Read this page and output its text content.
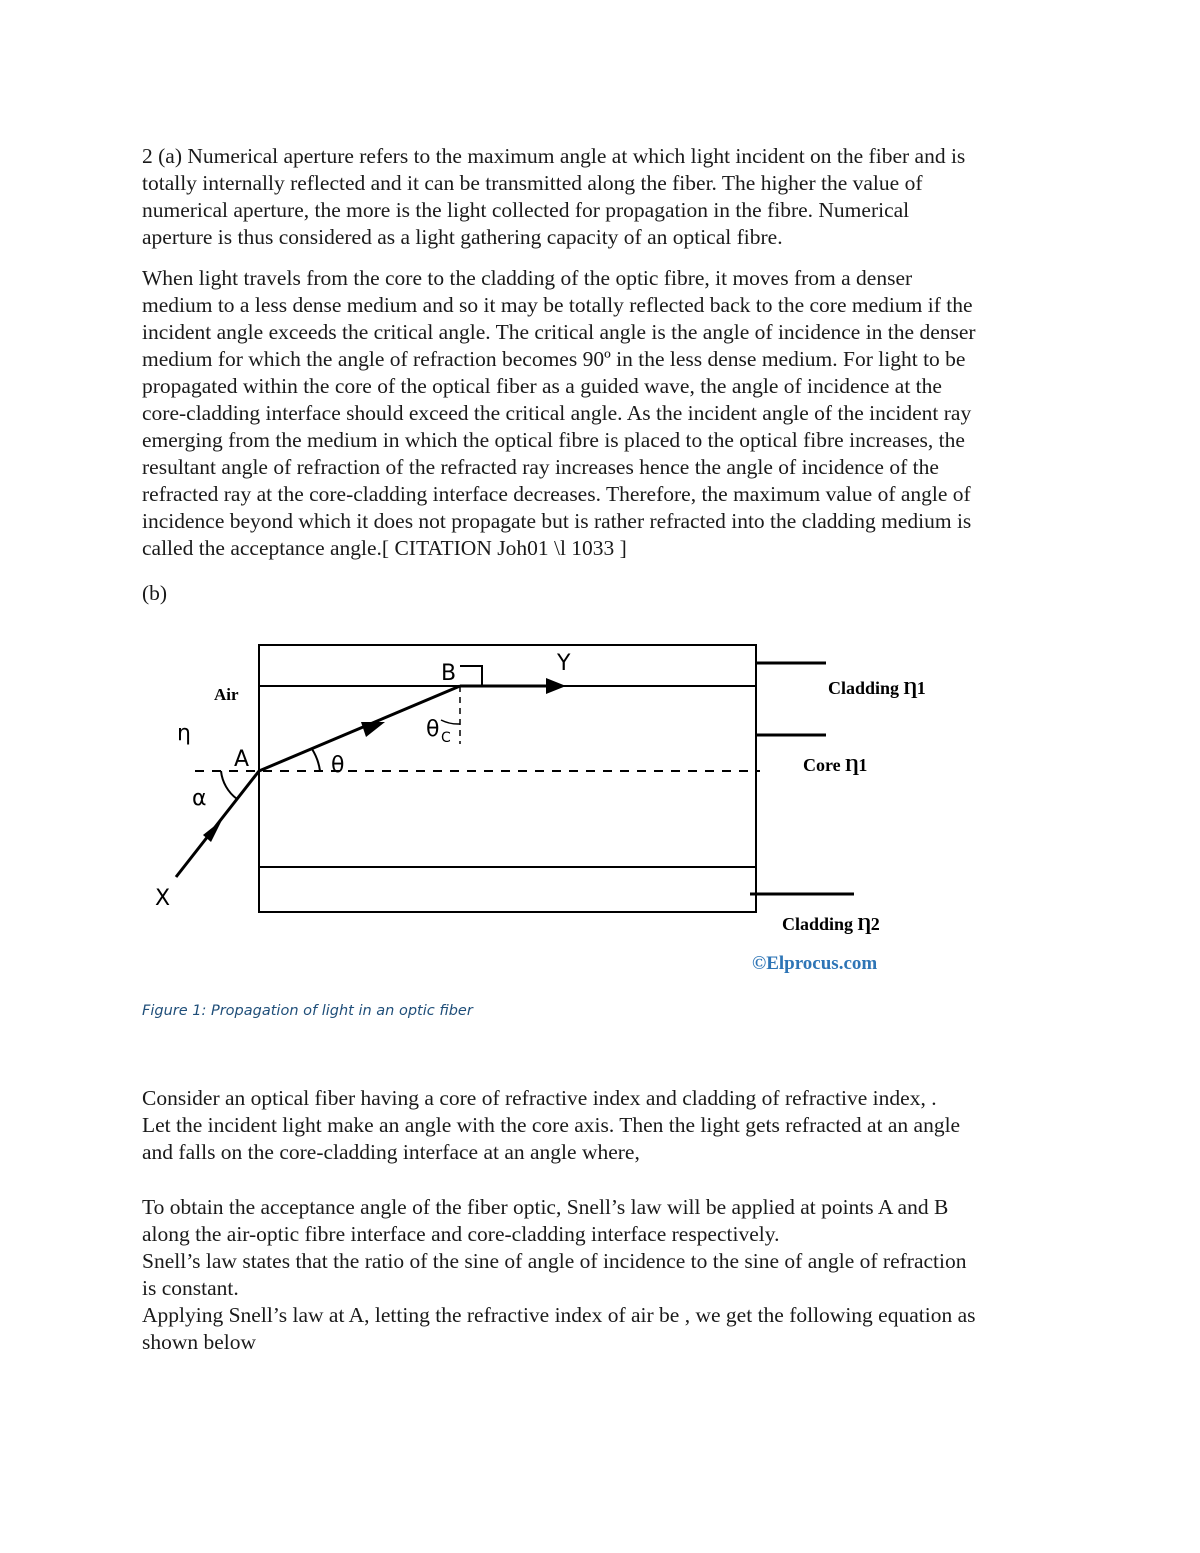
2 (a) Numerical aperture refers to the maximum angle at which light incident on the fiber and is
totally internally reflected and it can be transmitted along the fiber. The higher the value of
numerical aperture, the more is the light collected for propagation in the fibre. Numerical
aperture is thus considered as a light gathering capacity of an optical fibre.
When light travels from the core to the cladding of the optic fibre, it moves from a denser
medium to a less dense medium and so it may be totally reflected back to the core medium if the
incident angle exceeds the critical angle. The critical angle is the angle of incidence in the denser
medium for which the angle of refraction becomes 90º in the less dense medium. For light to be
propagated within the core of the optical fiber as a guided wave, the angle of incidence at the
core-cladding interface should exceed the critical angle. As the incident angle of the incident ray
emerging from the medium in which the optical fibre is placed to the optical fibre increases, the
resultant angle of refraction of the refracted ray increases hence the angle of incidence of the
refracted ray at the core-cladding interface decreases. Therefore, the maximum value of angle of
incidence beyond which it does not propagate but is rather refracted into the cladding medium is
called the acceptance angle.[ CITATION Joh01 \l 1033 ]
(b)
Air
η
A
B	Y
X
α
θ
θ C
Cladding Ƞ1
Core Ƞ1
Cladding Ƞ2
©Elprocus.com
Figure 1: Propagation of light in an optic fiber
Consider an optical fiber having a core of refractive index and cladding of refractive index, .
Let the incident light make an angle with the core axis. Then the light gets refracted at an angle
and falls on the core-cladding interface at an angle where,
To obtain the acceptance angle of the fiber optic, Snell’s law will be applied at points A and B
along the air-optic fibre interface and core-cladding interface respectively.
Snell’s law states that the ratio of the sine of angle of incidence to the sine of angle of refraction
is constant.
Applying Snell’s law at A, letting the refractive index of air be , we get the following equation as
shown below
